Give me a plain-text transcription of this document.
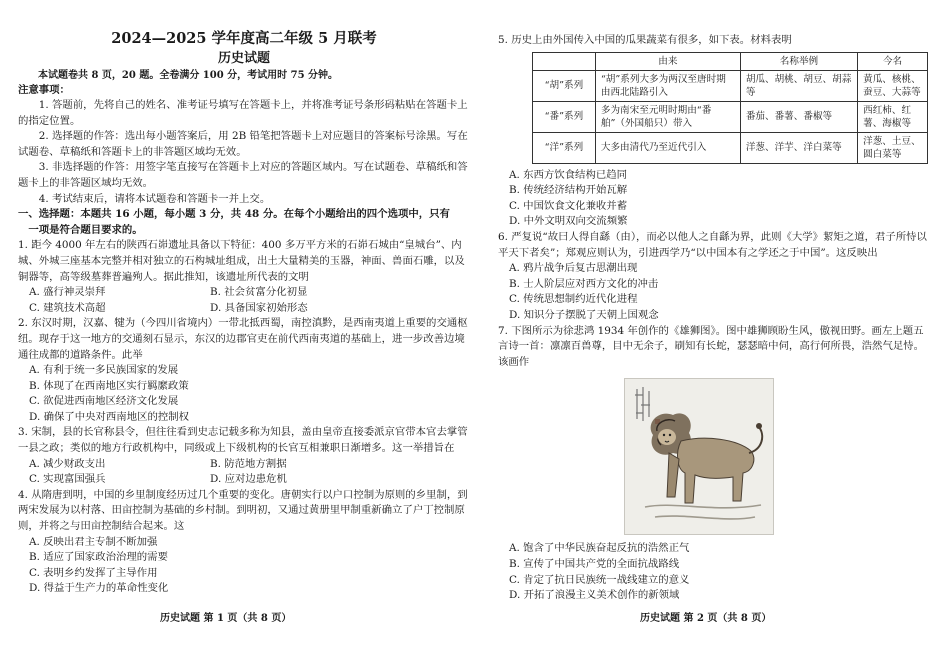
2024—2025 学年度高二年级 5 月联考
历史试题
本试题卷共 8 页，20 题。全卷满分 100 分，考试用时 75 分钟。
注意事项：

1. 答题前，先将自己的姓名、准考证号填写在答题卡上，并将准考证号条形码粘贴在答题卡上的指定位置。

2. 选择题的作答：选出每小题答案后，用 2B 铅笔把答题卡上对应题目的答案标号涂黑。写在试题卷、草稿纸和答题卡上的非答题区域均无效。

3. 非选择题的作答：用签字笔直接写在答题卡上对应的答题区域内。写在试题卷、草稿纸和答题卡上的非答题区域均无效。

4. 考试结束后，请将本试题卷和答题卡一并上交。

一、选择题：本题共 16 小题，每小题 3 分，共 48 分。在每个小题给出的四个选项中，只有

一项是符合题目要求的。

1. 距今 4000 年左右的陕西石峁遗址具备以下特征：400 多万平方米的石峁石城由“皇城台”、内城、外城三座基本完整并相对独立的石构城址组成，出土大量精美的玉器，神面、兽面石雕，以及铜器等，高等级墓葬普遍殉人。据此推知，该遗址所代表的文明

A. 盛行神灵崇拜	B. 社会贫富分化初显
C. 建筑技术高超	D. 具备国家初始形态

2. 东汉时期，汉嘉、犍为（今四川省境内）一带北抵西蜀，南控滇黔，是西南夷道上重要的交通枢纽。现存于这一地方的交通刻石显示，东汉的边郡官吏在前代西南夷道的基础上，进一步改善边境通往成都的道路条件。此举

A. 有利于统一多民族国家的发展
B. 体现了在西南地区实行羁縻政策
C. 欲促进西南地区经济文化发展
D. 确保了中央对西南地区的控制权

3. 宋制，县的长官称县令，但往往看到史志记载多称为知县，盖由皇帝直接委派京官带本官去掌管一县之政；类似的地方行政机构中，同级或上下级机构的长官互相兼职日渐增多。这一举措旨在

A. 减少财政支出	B. 防范地方割据
C. 实现富国强兵	D. 应对边患危机

4. 从隋唐到明，中国的乡里制度经历过几个重要的变化。唐朝实行以户口控制为原则的乡里制，到两宋发展为以村落、田亩控制为基础的乡村制。到明初，又通过黄册里甲制重新确立了户丁控制原则，并将之与田亩控制结合起来。这

A. 反映出君主专制不断加强
B. 适应了国家政治治理的需要
C. 表明乡约发挥了主导作用
D. 得益于生产力的革命性变化
历史试题 第 1 页（共 8 页）

5. 历史上由外国传入中国的瓜果蔬菜有很多，如下表。材料表明

	由来	名称举例	今名
“胡”系列	“胡”系列大多为两汉至唐时期由西北陆路引入	胡瓜、胡桃、胡豆、胡蒜等	黄瓜、核桃、蚕豆、大蒜等
“番”系列	多为南宋至元明时期由“番舶”（外国船只）带入	番茄、番薯、番椒等	西红柿、红薯、海椒等
“洋”系列	大多由清代乃至近代引入	洋葱、洋芋、洋白菜等	洋葱、土豆、圆白菜等
A. 东西方饮食结构已趋同
B. 传统经济结构开始瓦解
C. 中国饮食文化兼收并蓄
D. 中外文明双向交流频繁

6. 严复说“故曰人得自繇（由），而必以他人之自繇为界，此则《大学》絜矩之道，君子所恃以平天下者矣”；郑观应则认为，引进西学乃“以中国本有之学还之于中国”。这反映出

A. 鸦片战争后复古思潮出现
B. 士人阶层应对西方文化的冲击
C. 传统思想制约近代化进程
D. 知识分子摆脱了天朝上国观念

7. 下图所示为徐悲鸿 1934 年创作的《雄狮图》。图中雄狮顾盼生风，傲视田野。画左上题五言诗一首：凛凛百兽尊，目中无余子，刷知有长蛇，瑟瑟暗中伺，高行何所畏，浩然气足恃。该画作

A. 饱含了中华民族奋起反抗的浩然正气
B. 宣传了中国共产党的全面抗战路线
C. 肯定了抗日民族统一战线建立的意义
D. 开拓了浪漫主义美术创作的新领域
历史试题 第 2 页（共 8 页）
